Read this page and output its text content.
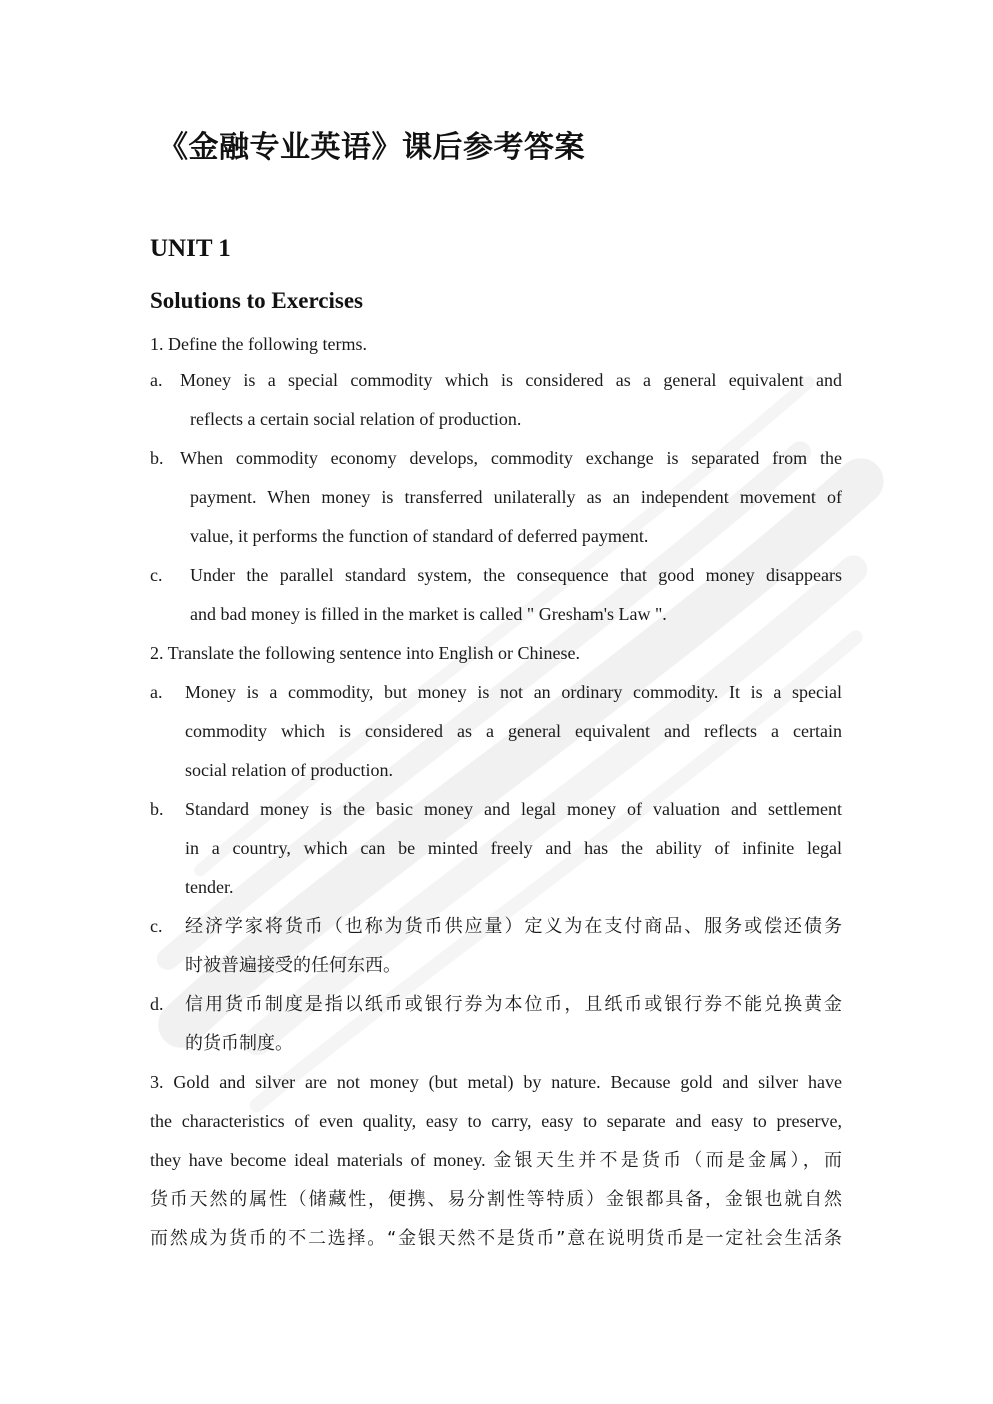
《金融专业英语》课后参考答案
UNIT 1
Solutions to Exercises
1. Define the following terms.
a. Money is a special commodity which is considered as a general equivalent and
reflects a certain social relation of production.
b. When commodity economy develops, commodity exchange is separated from the
payment. When money is transferred unilaterally as an independent movement of
value, it performs the function of standard of deferred payment.
c. Under the parallel standard system, the consequence that good money disappears
and bad money is filled in the market is called " Gresham's Law ".
2. Translate the following sentence into English or Chinese.
a. Money is a commodity, but money is not an ordinary commodity. It is a special
commodity which is considered as a general equivalent and reflects a certain
social relation of production.
b. Standard money is the basic money and legal money of valuation and settlement
in a country, which can be minted freely and has the ability of infinite legal
tender.
c. 经济学家将货币（也称为货币供应量）定义为在支付商品、服务或偿还债务
时被普遍接受的任何东西。
d. 信用货币制度是指以纸币或银行券为本位币，且纸币或银行券不能兑换黄金
的货币制度。
3. Gold and silver are not money (but metal) by nature. Because gold and silver have
the characteristics of even quality, easy to carry, easy to separate and easy to preserve,
they have become ideal materials of money. 金银天生并不是货币（而是金属），而
货币天然的属性（储藏性，便携、易分割性等特质）金银都具备，金银也就自然
而然成为货币的不二选择。“金银天然不是货币”意在说明货币是一定社会生活条
